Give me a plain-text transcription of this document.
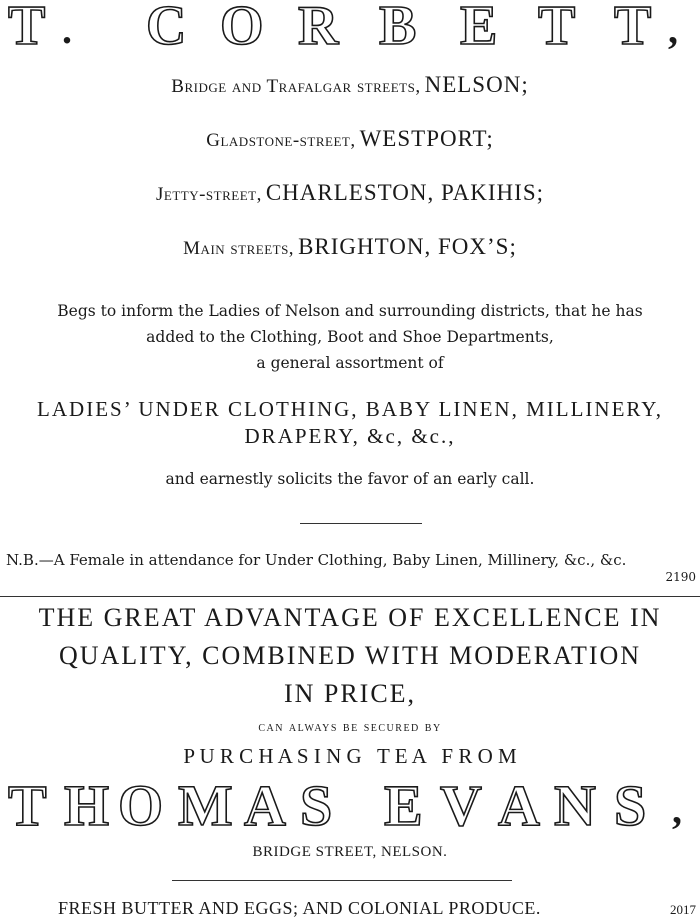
T . C O R B E T T ,
Bridge and Trafalgar streets, NELSON;
Gladstone-street, WESTPORT;
Jetty-street, CHARLESTON, PAKIHIS;
Main streets, BRIGHTON, FOX’S;
Begs to inform the Ladies of Nelson and surrounding districts, that he has
added to the Clothing, Boot and Shoe Departments,
a general assortment of
LADIES’ UNDER CLOTHING, BABY LINEN, MILLINERY,
DRAPERY, &c, &c.,
and earnestly solicits the favor of an early call.
N.B.—A Female in attendance for Under Clothing, Baby Linen, Millinery, &c., &c.
2190
THE GREAT ADVANTAGE OF EXCELLENCE IN
QUALITY, COMBINED WITH MODERATION
IN PRICE,
can always be secured by
P U R C H A S I N G   T E A   F R O M
T H O M A S E V A N S ,
BRIDGE STREET, NELSON.
FRESH BUTTER AND EGGS; AND COLONIAL PRODUCE.	2017
